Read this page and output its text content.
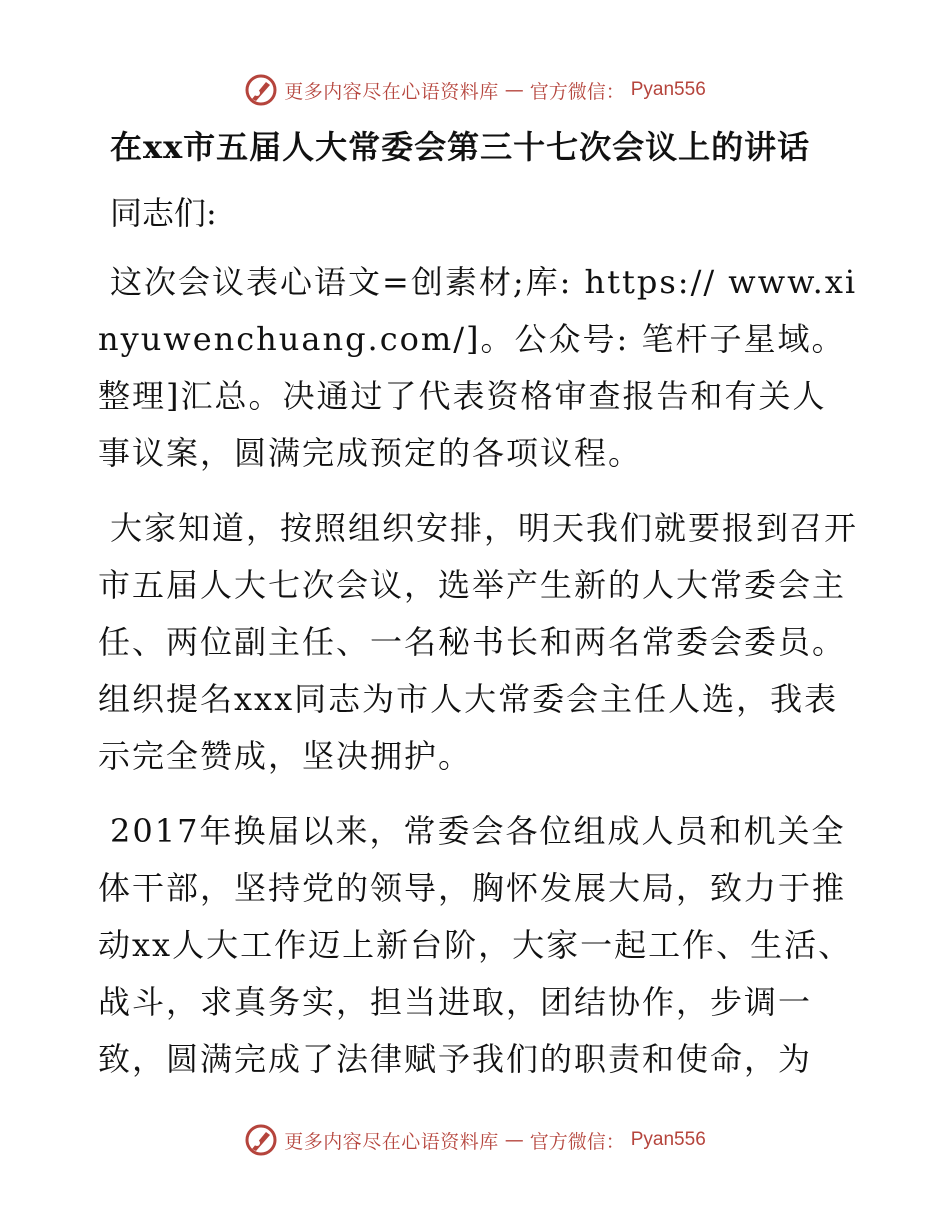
更多内容尽在心语资料库 — 官方微信： Pyan556
在xx市五届人大常委会第三十七次会议上的讲话

同志们:

这次会议表心语文=创素材;库: https:// www.xinyuwenchuang.com/]。公众号: 笔杆子星域。整理]汇总。决通过了代表资格审查报告和有关人事议案，圆满完成预定的各项议程。

大家知道，按照组织安排，明天我们就要报到召开市五届人大七次会议，选举产生新的人大常委会主任、两位副主任、一名秘书长和两名常委会委员。组织提名xxx同志为市人大常委会主任人选，我表示完全赞成，坚决拥护。

2017年换届以来，常委会各位组成人员和机关全体干部，坚持党的领导，胸怀发展大局，致力于推动xx人大工作迈上新台阶，大家一起工作、生活、战斗，求真务实，担当进取，团结协作，步调一致，圆满完成了法律赋予我们的职责和使命，为

更多内容尽在心语资料库 — 官方微信： Pyan556
